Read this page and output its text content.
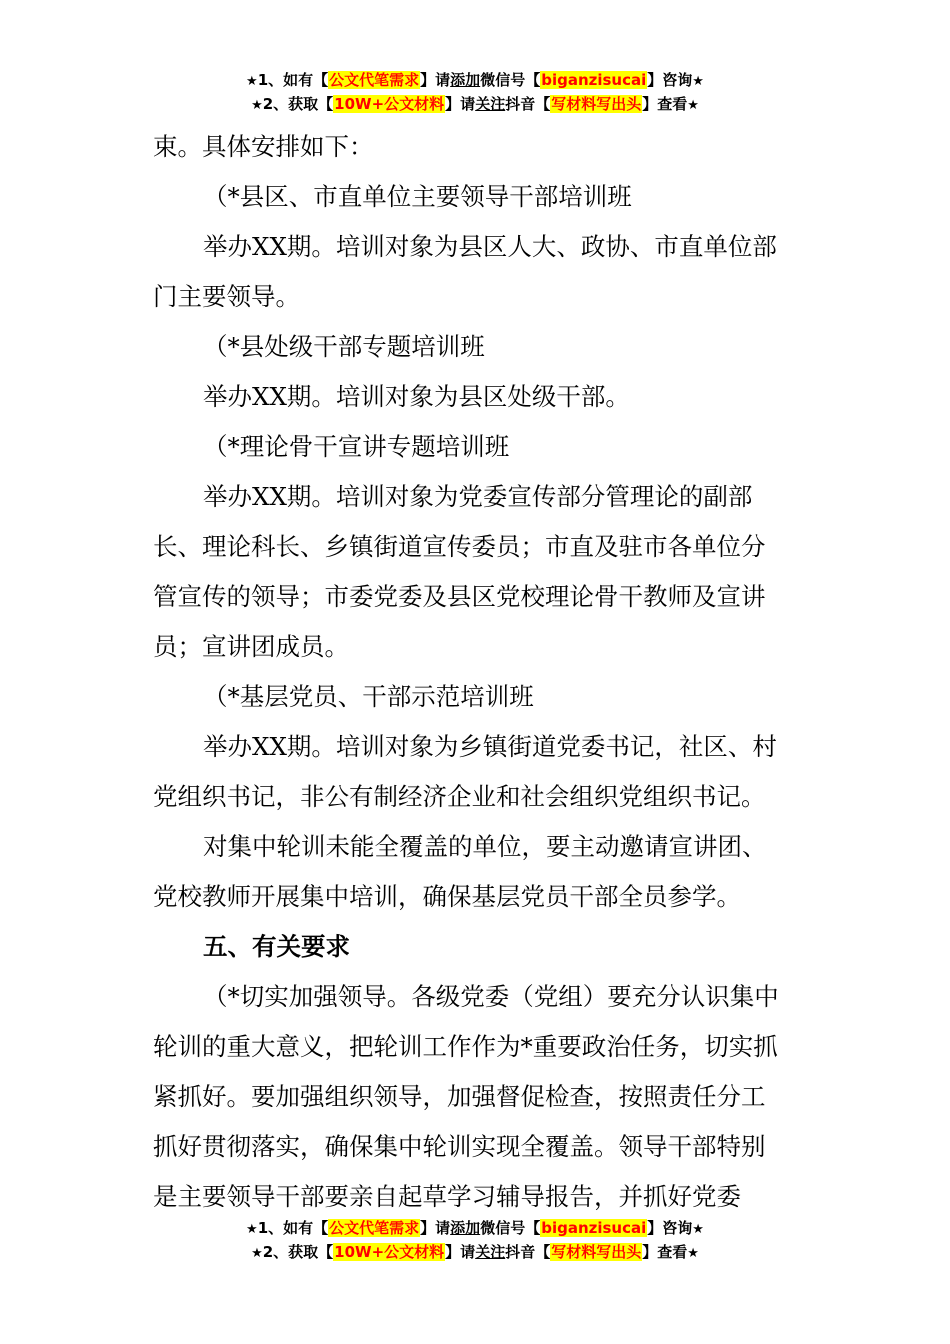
★1、如有【公文代笔需求】请添加微信号【biganzisucai】咨询★
★2、获取【10W+公文材料】请关注抖音【写材料写出头】查看★

束。具体安排如下：

（*县区、市直单位主要领导干部培训班

举办XX期。培训对象为县区人大、政协、市直单位部

门主要领导。

（*县处级干部专题培训班

举办XX期。培训对象为县区处级干部。

（*理论骨干宣讲专题培训班

举办XX期。培训对象为党委宣传部分管理论的副部

长、理论科长、乡镇街道宣传委员；市直及驻市各单位分

管宣传的领导；市委党委及县区党校理论骨干教师及宣讲

员；宣讲团成员。

（*基层党员、干部示范培训班

举办XX期。培训对象为乡镇街道党委书记，社区、村

党组织书记，非公有制经济企业和社会组织党组织书记。

对集中轮训未能全覆盖的单位，要主动邀请宣讲团、

党校教师开展集中培训，确保基层党员干部全员参学。

五、有关要求

（*切实加强领导。各级党委（党组）要充分认识集中

轮训的重大意义，把轮训工作作为*重要政治任务，切实抓

紧抓好。要加强组织领导，加强督促检查，按照责任分工

抓好贯彻落实，确保集中轮训实现全覆盖。领导干部特别

是主要领导干部要亲自起草学习辅导报告，并抓好党委

★1、如有【公文代笔需求】请添加微信号【biganzisucai】咨询★
★2、获取【10W+公文材料】请关注抖音【写材料写出头】查看★
